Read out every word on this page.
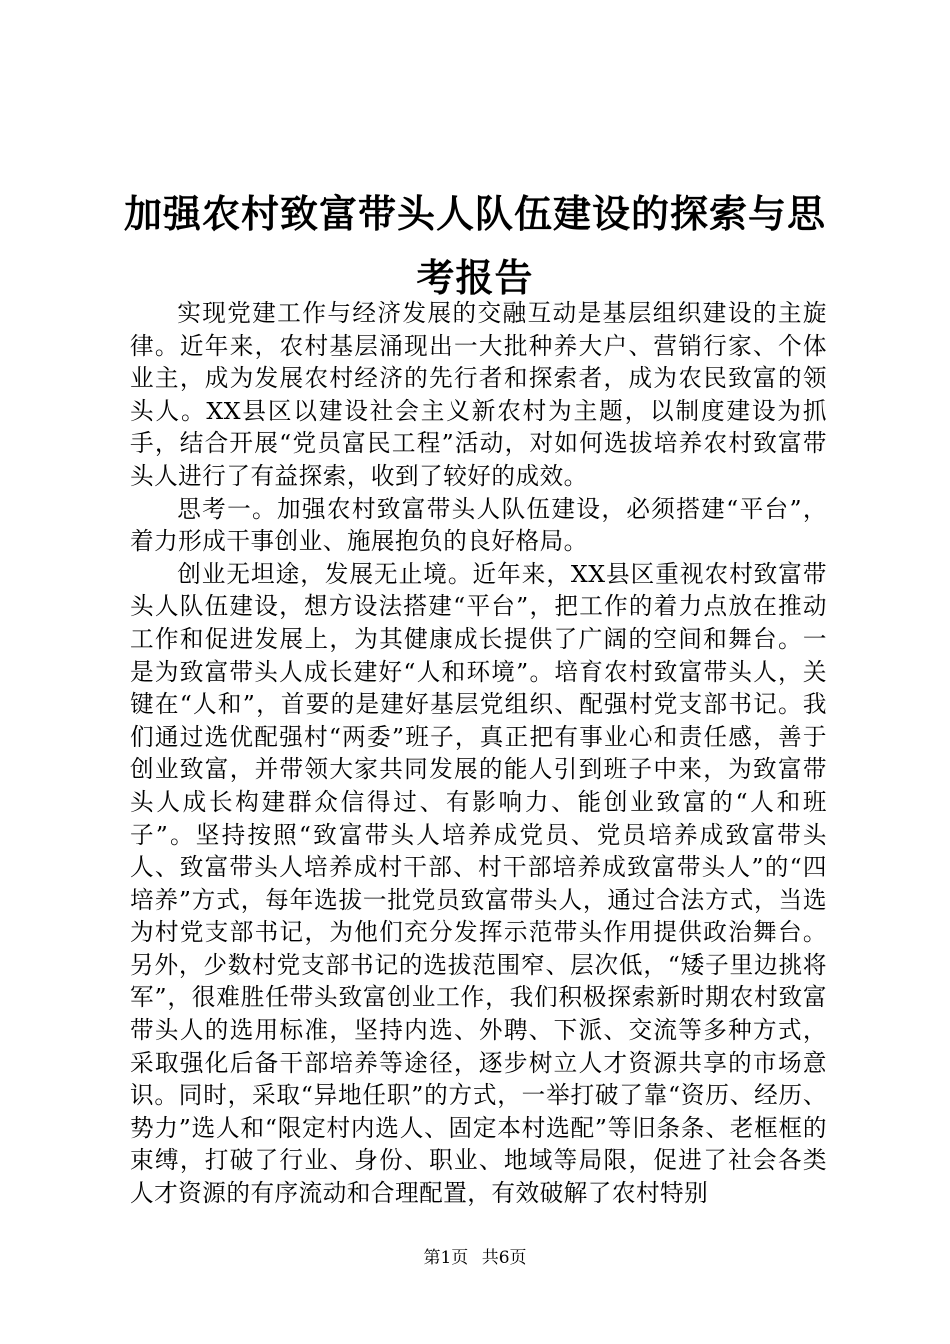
加强农村致富带头人队伍建设的探索与思考报告

实现党建工作与经济发展的交融互动是基层组织建设的主旋律。近年来，农村基层涌现出一大批种养大户、营销行家、个体业主，成为发展农村经济的先行者和探索者，成为农民致富的领头人。XX县区以建设社会主义新农村为主题，以制度建设为抓手，结合开展“党员富民工程”活动，对如何选拔培养农村致富带头人进行了有益探索，收到了较好的成效。

思考一。加强农村致富带头人队伍建设，必须搭建“平台”，着力形成干事创业、施展抱负的良好格局。

创业无坦途，发展无止境。近年来，XX县区重视农村致富带头人队伍建设，想方设法搭建“平台”，把工作的着力点放在推动工作和促进发展上，为其健康成长提供了广阔的空间和舞台。一是为致富带头人成长建好“人和环境”。培育农村致富带头人，关键在“人和”，首要的是建好基层党组织、配强村党支部书记。我们通过选优配强村“两委”班子，真正把有事业心和责任感，善于创业致富，并带领大家共同发展的能人引到班子中来，为致富带头人成长构建群众信得过、有影响力、能创业致富的“人和班子”。坚持按照“致富带头人培养成党员、党员培养成致富带头人、致富带头人培养成村干部、村干部培养成致富带头人”的“四培养”方式，每年选拔一批党员致富带头人，通过合法方式，当选为村党支部书记，为他们充分发挥示范带头作用提供政治舞台。另外，少数村党支部书记的选拔范围窄、层次低，“矮子里边挑将军”，很难胜任带头致富创业工作，我们积极探索新时期农村致富带头人的选用标准，坚持内选、外聘、下派、交流等多种方式，采取强化后备干部培养等途径，逐步树立人才资源共享的市场意识。同时，采取“异地任职”的方式，一举打破了靠“资历、经历、势力”选人和“限定村内选人、固定本村选配”等旧条条、老框框的束缚，打破了行业、身份、职业、地域等局限，促进了社会各类人才资源的有序流动和合理配置，有效破解了农村特别

第1页 共6页
